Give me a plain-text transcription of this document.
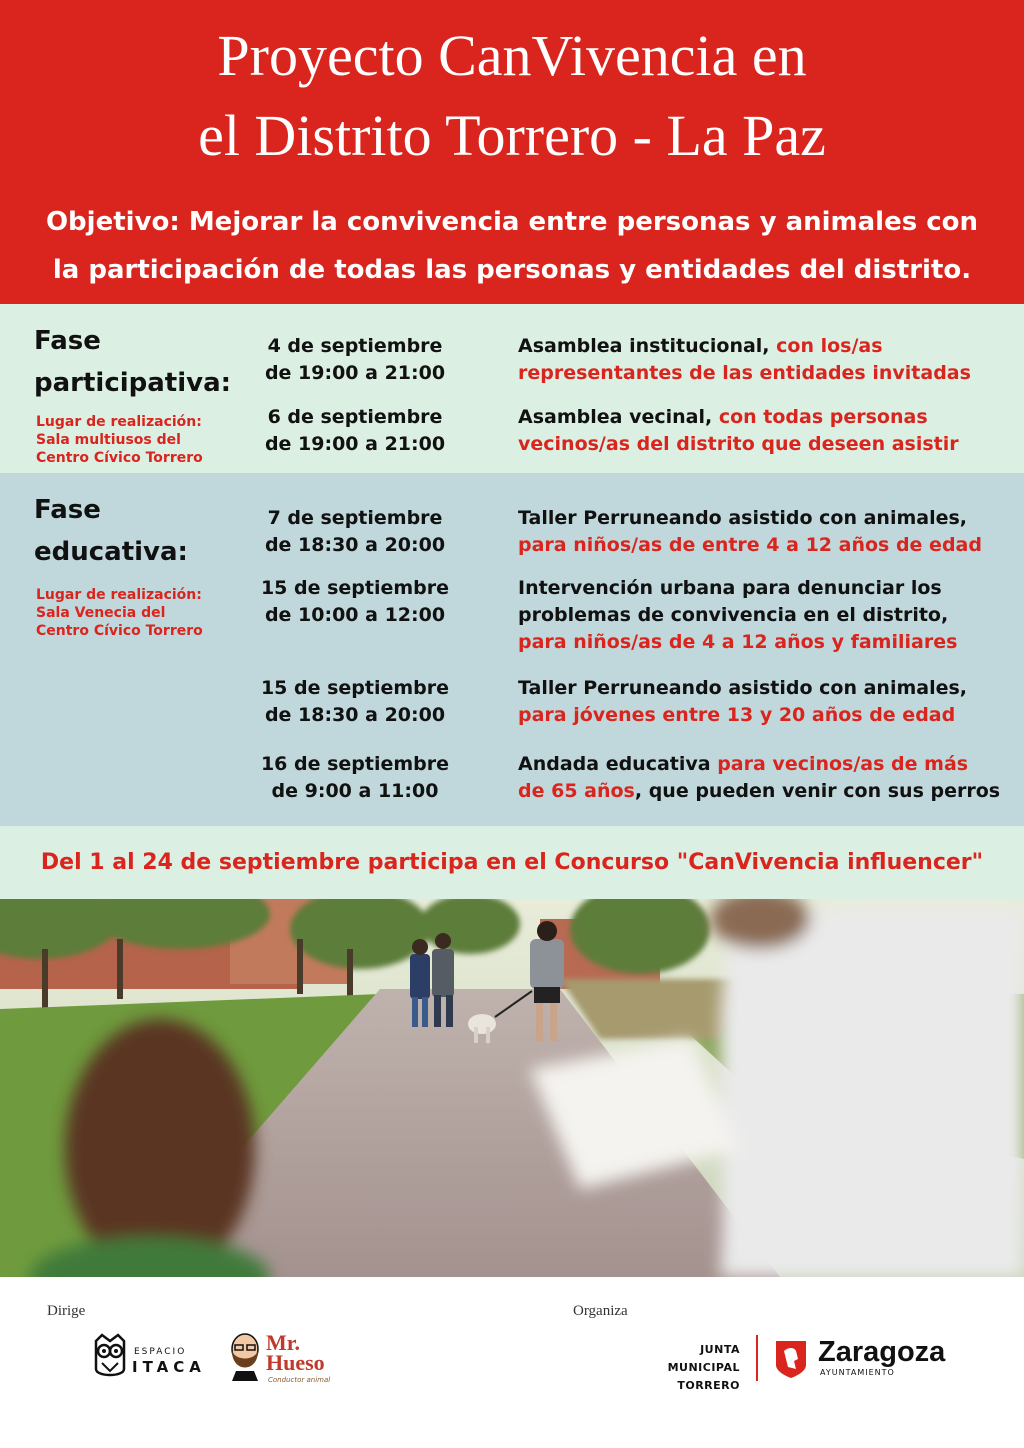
Proyecto CanVivencia en
el Distrito Torrero - La Paz
Objetivo: Mejorar la convivencia entre personas y animales con
la participación de todas las personas y entidades del distrito.
Fase
participativa:
Lugar de realización:
Sala multiusos del
Centro Cívico Torrero
4 de septiembre
de 19:00 a 21:00
Asamblea institucional, con los/as
representantes de las entidades invitadas
6 de septiembre
de 19:00 a 21:00
Asamblea vecinal, con todas personas
vecinos/as del distrito que deseen asistir
Fase
educativa:
Lugar de realización:
Sala Venecia del
Centro Cívico Torrero
7 de septiembre
de 18:30 a 20:00
Taller Perruneando asistido con animales,
para niños/as de entre 4 a 12 años de edad
15 de septiembre
de 10:00 a 12:00
Intervención urbana para denunciar los
problemas de convivencia en el distrito,
para niños/as de 4 a 12 años y familiares
15 de septiembre
de 18:30 a 20:00
Taller Perruneando asistido con animales,
para jóvenes entre 13 y 20 años de edad
16 de septiembre
de 9:00 a 11:00
Andada educativa para vecinos/as de más
de 65 años, que pueden venir con sus perros
Del 1 al 24 de septiembre participa en el Concurso "CanVivencia influencer"
Dirige	Organiza
ESPACIO
ITACA
Mr.
Hueso
Conductor animal
JUNTA MUNICIPAL
TORRERO
Zaragoza
AYUNTAMIENTO
